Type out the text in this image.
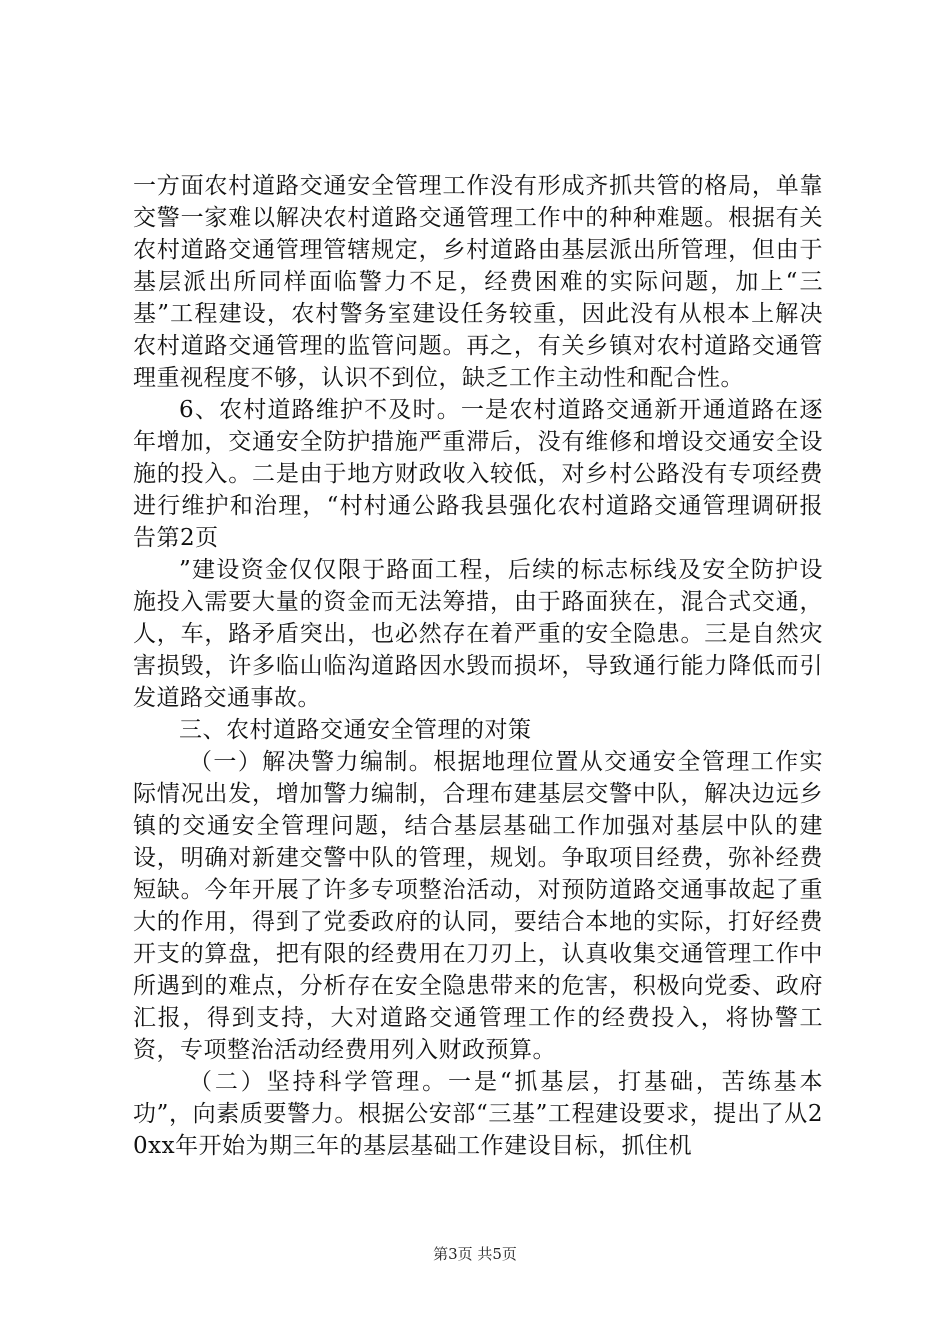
一方面农村道路交通安全管理工作没有形成齐抓共管的格局，单靠交警一家难以解决农村道路交通管理工作中的种种难题。根据有关农村道路交通管理管辖规定，乡村道路由基层派出所管理，但由于基层派出所同样面临警力不足，经费困难的实际问题，加上“三基”工程建设，农村警务室建设任务较重，因此没有从根本上解决农村道路交通管理的监管问题。再之，有关乡镇对农村道路交通管理重视程度不够，认识不到位，缺乏工作主动性和配合性。

6、农村道路维护不及时。一是农村道路交通新开通道路在逐年增加，交通安全防护措施严重滞后，没有维修和增设交通安全设施的投入。二是由于地方财政收入较低，对乡村公路没有专项经费进行维护和治理，“村村通公路我县强化农村道路交通管理调研报告第2页

”建设资金仅仅限于路面工程，后续的标志标线及安全防护设施投入需要大量的资金而无法筹措，由于路面狭在，混合式交通，人，车，路矛盾突出，也必然存在着严重的安全隐患。三是自然灾害损毁，许多临山临沟道路因水毁而损坏，导致通行能力降低而引发道路交通事故。

三、农村道路交通安全管理的对策

（一）解决警力编制。根据地理位置从交通安全管理工作实际情况出发，增加警力编制，合理布建基层交警中队，解决边远乡镇的交通安全管理问题，结合基层基础工作加强对基层中队的建设，明确对新建交警中队的管理，规划。争取项目经费，弥补经费短缺。今年开展了许多专项整治活动，对预防道路交通事故起了重大的作用，得到了党委政府的认同，要结合本地的实际，打好经费开支的算盘，把有限的经费用在刀刃上，认真收集交通管理工作中所遇到的难点，分析存在安全隐患带来的危害，积极向党委、政府汇报，得到支持，大对道路交通管理工作的经费投入，将协警工资，专项整治活动经费用列入财政预算。

（二）坚持科学管理。一是“抓基层，打基础，苦练基本功”，向素质要警力。根据公安部“三基”工程建设要求，提出了从20xx年开始为期三年的基层基础工作建设目标，抓住机

第3页 共5页
